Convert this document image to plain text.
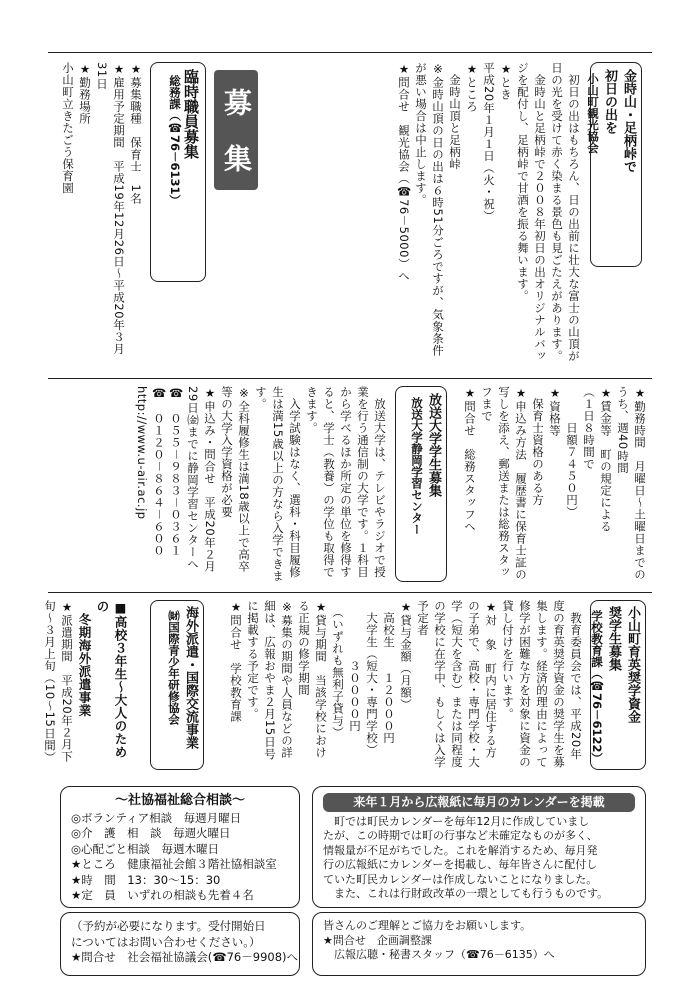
金時山・足柄峠で
初日の出を
小山町観光協会
　初日の出はもちろん、日の出前に壮大な富士の山頂が日の光を受けて赤く染まる景色も見ごたえがあります。
　金時山と足柄峠で２００８年初日の出オリジナルバッジを配付し、足柄峠で甘酒を振る舞います。
★とき
平成20年１月１日（火・祝）
★ところ
　金時山頂と足柄峠
※金時山頂の日の出は６時51分ごろですが、気象条件が悪い場合は中止します。
★問合せ　観光協会（☎76－5000）へ
募　集
臨時職員募集
総務課（☎76－6131）
★募集職種　保育士　1名
★雇用予定期間　平成19年12月26日〜平成20年３月31日
★勤務場所
小山町立きたごう保育園
★勤務時間　月曜日〜土曜日までのうち、週40時間
★賃金等　町の規定による
（１日８時間で
　　　日額７４５０円）
★資格等
　保育士資格のある方
★申込み方法　履歴書に保育士証の写しを添え、郵送または総務スタッフまで
★問合せ　総務スタッフへ
放送大学学生募集
放送大学静岡学習センター
　放送大学は、テレビやラジオで授業を行う通信制の大学です。１科目から学べるほか所定の単位を修得すると、学士（教養）の学位も取得できます。
　入学試験はなく、選科・科目履修生は満15歳以上の方なら入学できます。
※全科履修生は満18歳以上で高卒等の大学入学資格が必要
★申込み・問合せ　平成20年２月29日㈮までに静岡学習センターへ
☎　０５５－９８３－０３６１
☎　０１２０－８６４－６００
http://www.u-air.ac.jp
小山町育英奨学資金
奨学生募集
学校教育課（☎76－6122）
　教育委員会では、平成20年度の育英奨学資金の奨学生を募集します。経済的理由によって修学が困難な方を対象に資金の貸し付けを行います。
★対　象　町内に居住する方の子弟で、高校・専門学校・大学（短大を含む）または同程度の学校に在学中、もしくは入学予定者
★貸与金額（月額）
　高校生　　１２０００円
　大学生（短大・専門学校）
　　　　　３００００円
　（いずれも無利子貸与）
★貸与期間　当該学校における正規の修学期間
※募集の期間や人員などの詳細は、広報おやま２月15日号に掲載する予定です。
★問合せ　学校教育課
海外派遣・国際交流事業
㈶国際青少年研修協会

■高校３年生〜大人のための
　冬期海外派遣事業
★派遣期間　平成20年２月下旬〜３月上旬（10〜15日間）

〜社協福祉総合相談〜
◎ボランティア相談　毎週月曜日
◎介　護　相　談　毎週火曜日
◎心配ごと相談　毎週木曜日
★ところ　健康福祉会館３階社協相談室
★時　間　13：30〜15：30
★定　員　いずれの相談も先着４名
来年１月から広報紙に毎月のカレンダーを掲載
　町では町民カレンダーを毎年12月に作成していまし
たが、この時期では町の行事など未確定なものが多く、
情報量が不足がちでした。これを解消するため、毎月発
行の広報紙にカレンダーを掲載し、毎年皆さんに配付し
ていた町民カレンダーは作成しないことになりました。
　また、これは行財政改革の一環としても行うものです。
（予約が必要になります。受付開始日
についてはお問い合わせください。）
★問合せ　社会福祉協議会(☎76－9908)へ
皆さんのご理解とご協力をお願いします。
★問合せ　企画調整課
　広報広聴・秘書スタッフ（☎76－6135）へ
